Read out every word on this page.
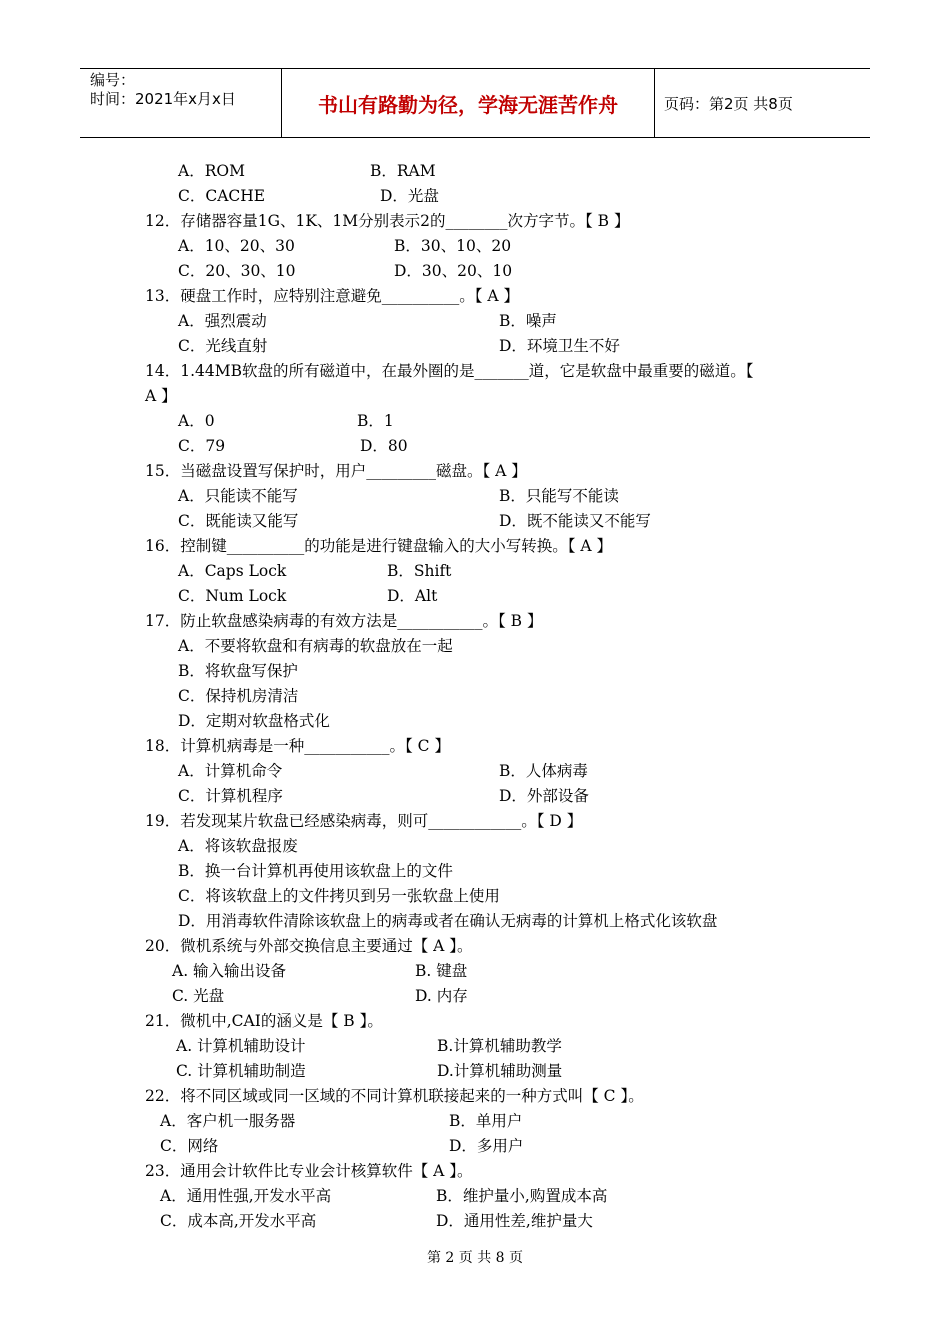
编号：
时间：2021年x月x日	书山有路勤为径，学海无涯苦作舟	页码：第2页 共8页
A．ROM	B．RAM
C．CACHE	D．光盘
12．存储器容量1G、1K、1M分别表示2的________次方字节。【 B 】
A．10、20、30	B．30、10、20
C．20、30、10	D．30、20、10
13．硬盘工作时，应特别注意避免__________。【 A 】
A．强烈震动	B．噪声
C．光线直射	D．环境卫生不好
14．1.44MB软盘的所有磁道中，在最外圈的是_______道，它是软盘中最重要的磁道。【
A 】
A．0	B．1
C．79	D．80
15．当磁盘设置写保护时，用户_________磁盘。【 A 】
A．只能读不能写	B．只能写不能读
C．既能读又能写	D．既不能读又不能写
16．控制键__________的功能是进行键盘输入的大小写转换。【 A 】
A．Caps Lock	B．Shift
C．Num Lock	D．Alt
17．防止软盘感染病毒的有效方法是___________。【 B 】
A．不要将软盘和有病毒的软盘放在一起
B．将软盘写保护
C．保持机房清洁
D．定期对软盘格式化
18．计算机病毒是一种___________。【 C 】
A．计算机命令	B．人体病毒
C．计算机程序	D．外部设备
19．若发现某片软盘已经感染病毒，则可____________。【 D 】
A．将该软盘报废
B．换一台计算机再使用该软盘上的文件
C．将该软盘上的文件拷贝到另一张软盘上使用
D．用消毒软件清除该软盘上的病毒或者在确认无病毒的计算机上格式化该软盘
20．微机系统与外部交换信息主要通过【 A 】。
A. 输入输出设备	B. 键盘
C. 光盘	D. 内存
21．微机中,CAI的涵义是【 B 】。
A. 计算机辅助设计	B.计算机辅助教学
C. 计算机辅助制造	D.计算机辅助测量
22．将不同区域或同一区域的不同计算机联接起来的一种方式叫【 C 】。
A．客户机一服务器	B．单用户
C．网络	D．多用户
23．通用会计软件比专业会计核算软件【 A 】。
A．通用性强,开发水平高	B．维护量小,购置成本高
C．成本高,开发水平高	D．通用性差,维护量大
第 2 页 共 8 页
